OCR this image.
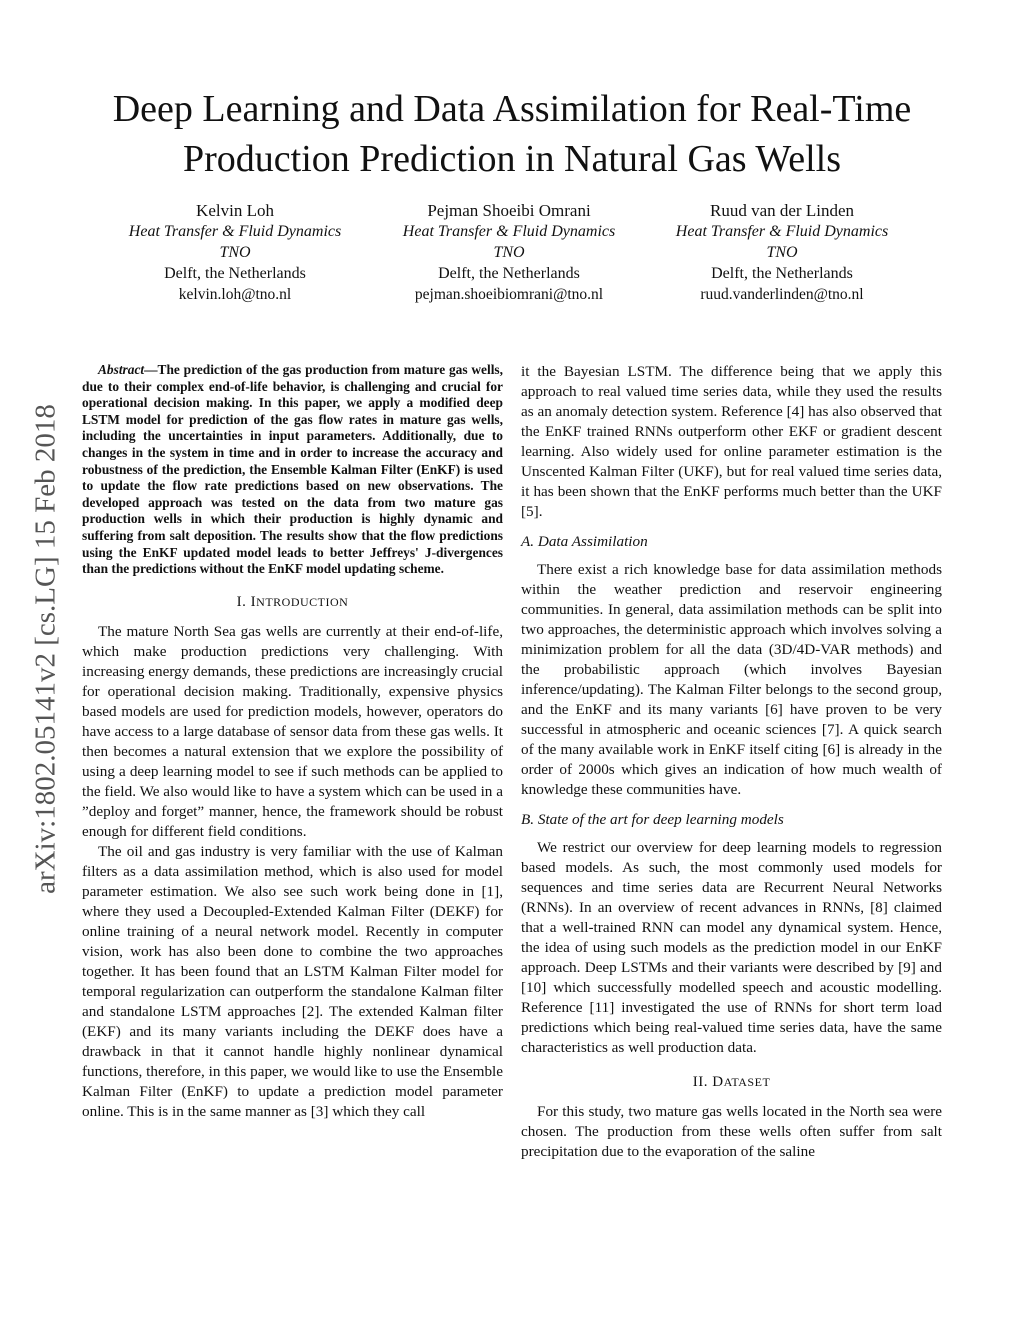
Deep Learning and Data Assimilation for Real-Time
Production Prediction in Natural Gas Wells
Kelvin Loh
Heat Transfer & Fluid Dynamics
TNO
Delft, the Netherlands
kelvin.loh@tno.nl
Pejman Shoeibi Omrani
Heat Transfer & Fluid Dynamics
TNO
Delft, the Netherlands
pejman.shoeibiomrani@tno.nl
Ruud van der Linden
Heat Transfer & Fluid Dynamics
TNO
Delft, the Netherlands
ruud.vanderlinden@tno.nl
arXiv:1802.05141v2 [cs.LG] 15 Feb 2018

Abstract—The prediction of the gas production from mature gas wells, due to their complex end-of-life behavior, is challenging and crucial for operational decision making. In this paper, we apply a modified deep LSTM model for prediction of the gas flow rates in mature gas wells, including the uncertainties in input parameters. Additionally, due to changes in the system in time and in order to increase the accuracy and robustness of the prediction, the Ensemble Kalman Filter (EnKF) is used to update the flow rate predictions based on new observations. The developed approach was tested on the data from two mature gas production wells in which their production is highly dynamic and suffering from salt deposition. The results show that the flow predictions using the EnKF updated model leads to better Jeffreys' J-divergences than the predictions without the EnKF model updating scheme.

I. INTRODUCTION

The mature North Sea gas wells are currently at their end-of-life, which make production predictions very challenging. With increasing energy demands, these predictions are increasingly crucial for operational decision making. Traditionally, expensive physics based models are used for prediction models, however, operators do have access to a large database of sensor data from these gas wells. It then becomes a natural extension that we explore the possibility of using a deep learning model to see if such methods can be applied to the field. We also would like to have a system which can be used in a ”deploy and forget” manner, hence, the framework should be robust enough for different field conditions.

The oil and gas industry is very familiar with the use of Kalman filters as a data assimilation method, which is also used for model parameter estimation. We also see such work being done in [1], where they used a Decoupled-Extended Kalman Filter (DEKF) for online training of a neural network model. Recently in computer vision, work has also been done to combine the two approaches together. It has been found that an LSTM Kalman Filter model for temporal regularization can outperform the standalone Kalman filter and standalone LSTM approaches [2]. The extended Kalman filter (EKF) and its many variants including the DEKF does have a drawback in that it cannot handle highly nonlinear dynamical functions, therefore, in this paper, we would like to use the Ensemble Kalman Filter (EnKF) to update a prediction model parameter online. This is in the same manner as [3] which they call

it the Bayesian LSTM. The difference being that we apply this approach to real valued time series data, while they used the results as an anomaly detection system. Reference [4] has also observed that the EnKF trained RNNs outperform other EKF or gradient descent learning. Also widely used for online parameter estimation is the Unscented Kalman Filter (UKF), but for real valued time series data, it has been shown that the EnKF performs much better than the UKF [5].

A. Data Assimilation

There exist a rich knowledge base for data assimilation methods within the weather prediction and reservoir engineering communities. In general, data assimilation methods can be split into two approaches, the deterministic approach which involves solving a minimization problem for all the data (3D/4D-VAR methods) and the probabilistic approach (which involves Bayesian inference/updating). The Kalman Filter belongs to the second group, and the EnKF and its many variants [6] have proven to be very successful in atmospheric and oceanic sciences [7]. A quick search of the many available work in EnKF itself citing [6] is already in the order of 2000s which gives an indication of how much wealth of knowledge these communities have.

B. State of the art for deep learning models

We restrict our overview for deep learning models to regression based models. As such, the most commonly used models for sequences and time series data are Recurrent Neural Networks (RNNs). In an overview of recent advances in RNNs, [8] claimed that a well-trained RNN can model any dynamical system. Hence, the idea of using such models as the prediction model in our EnKF approach. Deep LSTMs and their variants were described by [9] and [10] which successfully modelled speech and acoustic modelling. Reference [11] investigated the use of RNNs for short term load predictions which being real-valued time series data, have the same characteristics as well production data.

II. DATASET

For this study, two mature gas wells located in the North sea were chosen. The production from these wells often suffer from salt precipitation due to the evaporation of the saline
